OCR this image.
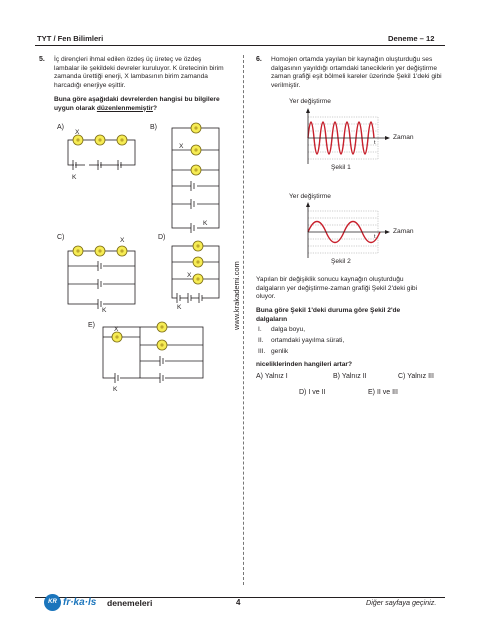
TYT / Fen Bilimleri	Deneme – 12
www.krakademi.com
5. İç dirençleri ihmal edilen özdeş üç üreteç ve özdeş
lambalar ile şekildeki devreler kuruluyor. K üretecinin birim
zamanda ürettiği enerji, X lambasının birim zamanda
harcadığı enerjiye eşittir.
Buna göre aşağıdaki devrelerden hangisi bu bilgilere
uygun olarak düzenlenmemiştir?
A)	B)
C)	D)
E)
X
K
X
K
X
K
X
K
X
K
6. Homojen ortamda yayılan bir kaynağın oluşturduğu ses
dalgasının yayıldığı ortamdaki taneciklerin yer değiştirme
zaman grafiği eşit bölmeli kareler üzerinde Şekil 1'deki gibi
verilmiştir.
Yer değiştirme
Zaman
t
Şekil 1
Yer değiştirme
Zaman
t
Şekil 2
Yapılan bir değişiklik sonucu kaynağın oluşturduğu
dalgaların yer değiştirme-zaman grafiği Şekil 2'deki gibi
oluyor.
Buna göre Şekil 1'deki duruma göre Şekil 2'de
dalgaların
I. dalga boyu,
II. ortamdaki yayılma sürati,
III. genlik
niceliklerinden hangileri artar?
A) Yalnız I	B) Yalnız II	C) Yalnız III
D) I ve II	E) II ve III
KR fr·ka·ls denemeleri	4	Diğer sayfaya geçiniz.
